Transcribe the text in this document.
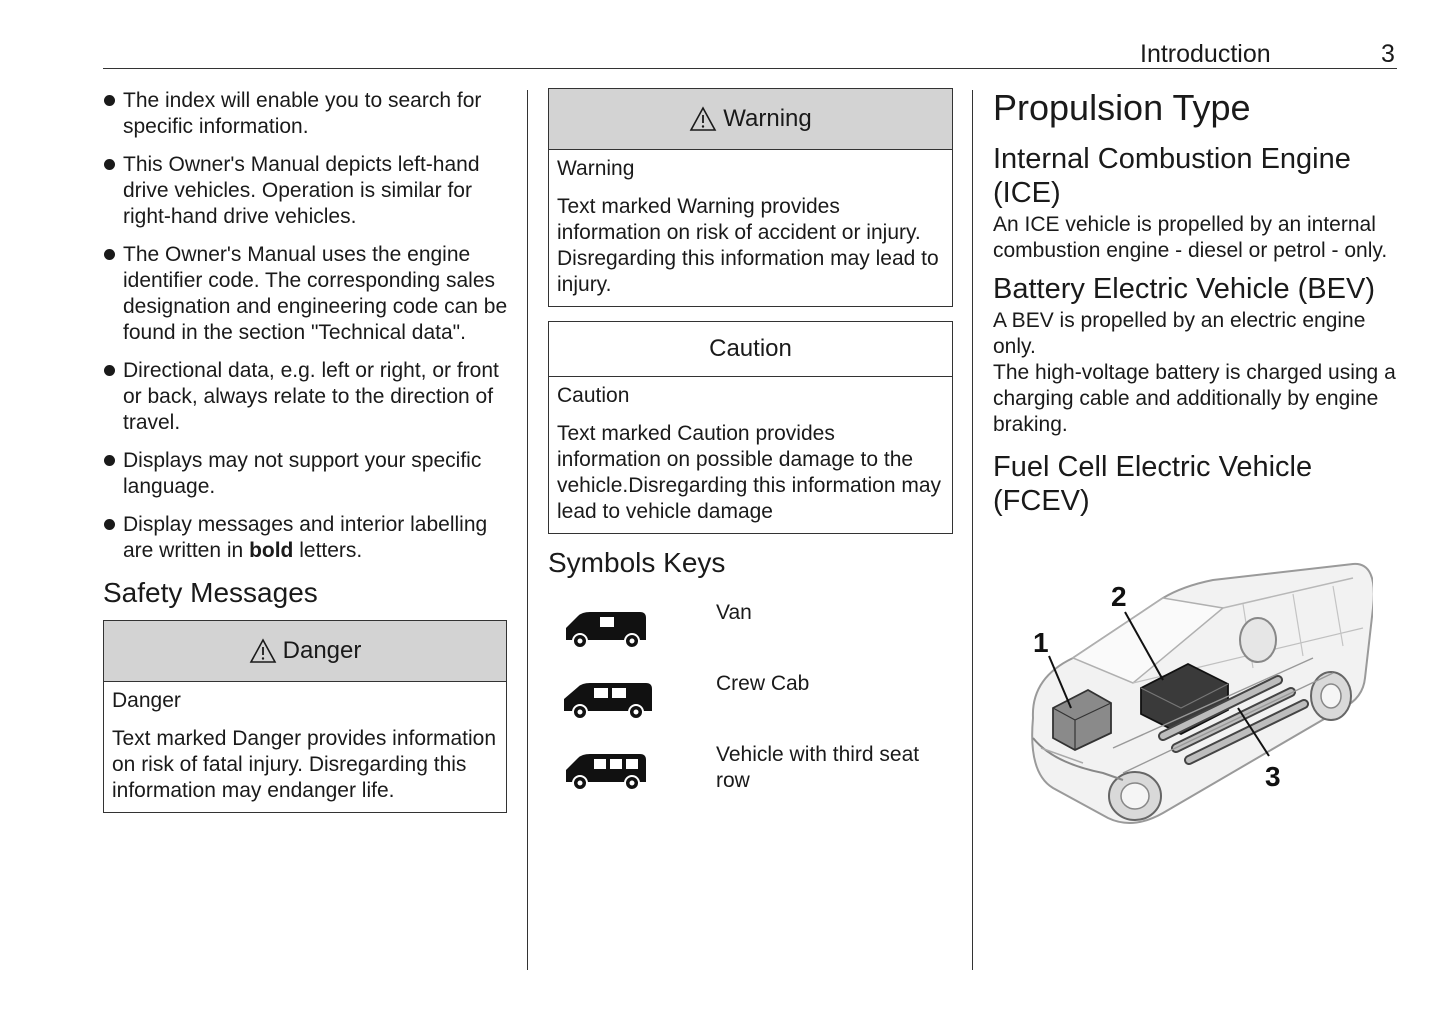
Introduction	3
The index will enable you to search for specific information.
This Owner's Manual depicts left-hand drive vehicles. Operation is similar for right-hand drive vehicles.
The Owner's Manual uses the engine identifier code. The corresponding sales designation and engineering code can be found in the section "Technical data".
Directional data, e.g. left or right, or front or back, always relate to the direction of travel.
Displays may not support your specific language.
Display messages and interior labelling are written in bold letters.
Safety Messages
Danger
Danger
Text marked Danger provides information on risk of fatal injury. Disregarding this information may endanger life.
Warning
Warning
Text marked Warning provides information on risk of accident or injury. Disregarding this information may lead to injury.
Caution
Caution
Text marked Caution provides information on possible damage to the vehicle.Disregarding this information may lead to vehicle damage
Symbols Keys
Van
Crew Cab
Vehicle with third seat row
Propulsion Type
Internal Combustion Engine (ICE)
An ICE vehicle is propelled by an internal combustion engine - diesel or petrol - only.
Battery Electric Vehicle (BEV)
A BEV is propelled by an electric engine only.
The high-voltage battery is charged using a charging cable and additionally by engine braking.
Fuel Cell Electric Vehicle (FCEV)
1
2
3
